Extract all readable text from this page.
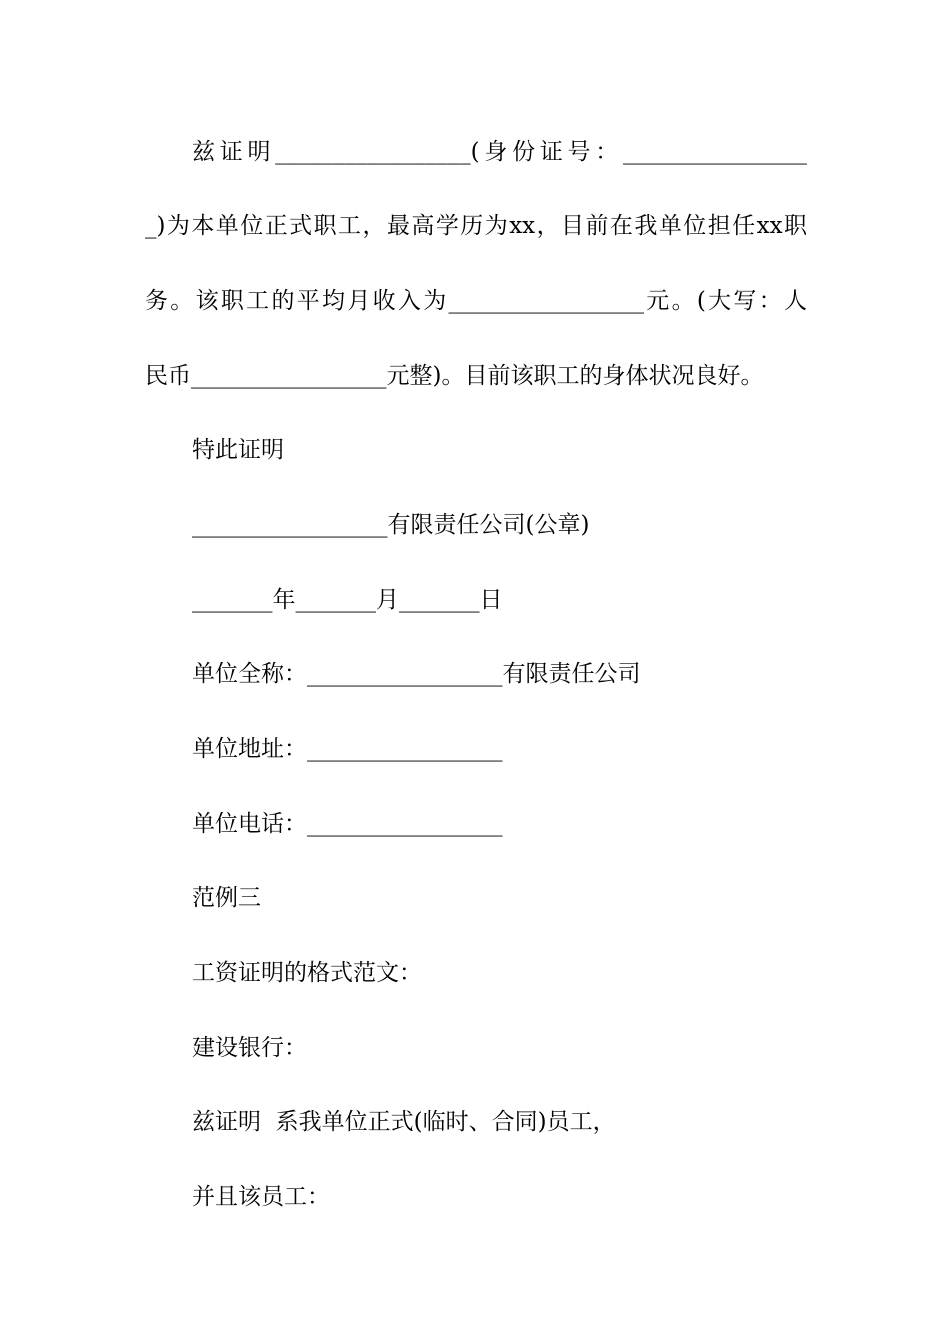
兹证明_________________(身份证号：________________
_)为本单位正式职工，最高学历为xx，目前在我单位担任xx职
务。该职工的平均月收入为_________________元。(大写：人
民币_________________元整)。目前该职工的身体状况良好。
特此证明
_________________有限责任公司(公章)
_______年_______月_______日
单位全称：_________________有限责任公司
单位地址：_________________
单位电话：_________________
范例三
工资证明的格式范文：
建设银行：
兹证明  系我单位正式(临时、合同)员工，
并且该员工：
